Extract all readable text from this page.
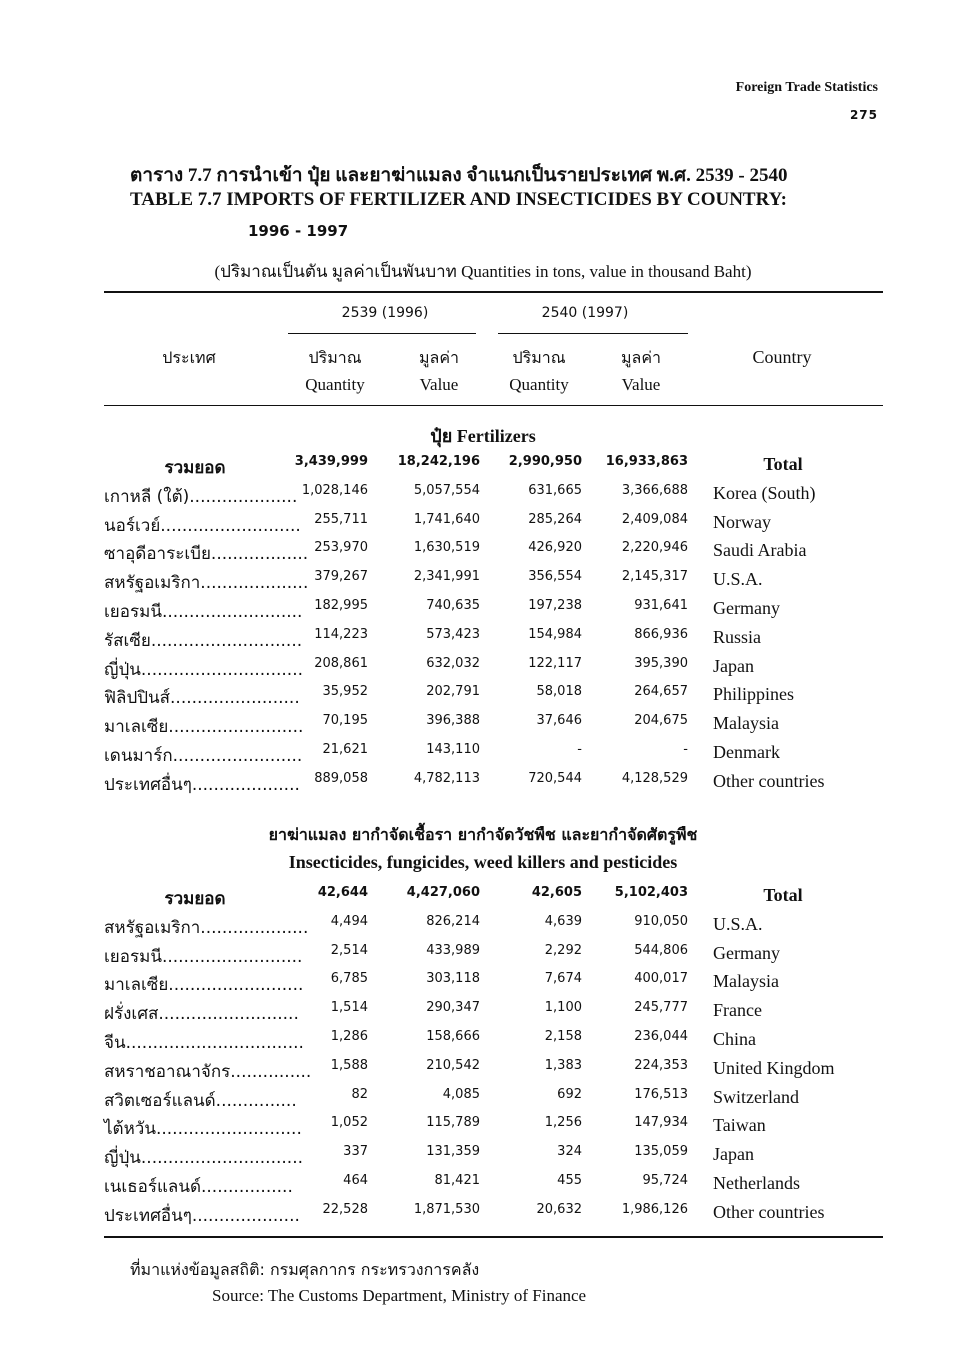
Foreign Trade Statistics
275
ตาราง 7.7 การนำเข้า ปุ๋ย และยาฆ่าแมลง จำแนกเป็นรายประเทศ พ.ศ. 2539 - 2540
TABLE 7.7 IMPORTS OF FERTILIZER AND INSECTICIDES BY COUNTRY:
1996 - 1997
(ปริมาณเป็นตัน มูลค่าเป็นพันบาท Quantities in tons, value in thousand Baht)
2539 (1996)	2540 (1997)
ประเทศ	ปริมาณ	มูลค่า	ปริมาณ	มูลค่า	Country
Quantity	Value	Quantity	Value
ปุ๋ย Fertilizers
รวมยอด	3,439,999	18,242,196	2,990,950	16,933,863	Total
เกาหลี (ใต้).................... 1,028,146	5,057,554	631,665	3,366,688 Korea (South)
นอร์เวย์..........................	255,711	1,741,640	285,264	2,409,084 Norway
ซาอุดีอาระเบีย.................. 253,970	1,630,519	426,920	2,220,946 Saudi Arabia
สหรัฐอเมริกา.................... 379,267	2,341,991	356,554	2,145,317 U.S.A.
เยอรมนี.......................... 182,995	740,635	197,238	931,641 Germany
รัสเซีย............................ 114,223	573,423	154,984	866,936 Russia
ญี่ปุ่น.............................. 208,861	632,032	122,117	395,390 Japan
ฟิลิปปินส์........................	35,952	202,791	58,018	264,657 Philippines
มาเลเซีย.........................	70,195	396,388	37,646	204,675 Malaysia
เดนมาร์ก........................	21,621	143,110	-	- Denmark
ประเทศอื่นๆ....................	889,058	4,782,113	720,544	4,128,529 Other countries
ยาฆ่าแมลง ยากำจัดเชื้อรา ยากำจัดวัชพืช และยากำจัดศัตรูพืช
Insecticides, fungicides, weed killers and pesticides
รวมยอด	42,644	4,427,060	42,605	5,102,403	Total
สหรัฐอเมริกา....................	4,494	826,214	4,639	910,050 U.S.A.
เยอรมนี..........................	2,514	433,989	2,292	544,806 Germany
มาเลเซีย.........................	6,785	303,118	7,674	400,017 Malaysia
ฝรั่งเศส..........................	1,514	290,347	1,100	245,777 France
จีน.................................	1,286	158,666	2,158	236,044 China
สหราชอาณาจักร...............	1,588	210,542	1,383	224,353 United Kingdom
สวิตเซอร์แลนด์...............	82	4,085	692	176,513 Switzerland
ไต้หวัน...........................	1,052	115,789	1,256	147,934 Taiwan
ญี่ปุ่น..............................	337	131,359	324	135,059 Japan
เนเธอร์แลนด์.................	464	81,421	455	95,724 Netherlands
ประเทศอื่นๆ....................	22,528	1,871,530	20,632	1,986,126 Other countries
ที่มาแห่งข้อมูลสถิติ: กรมศุลกากร กระทรวงการคลัง
Source: The Customs Department, Ministry of Finance
